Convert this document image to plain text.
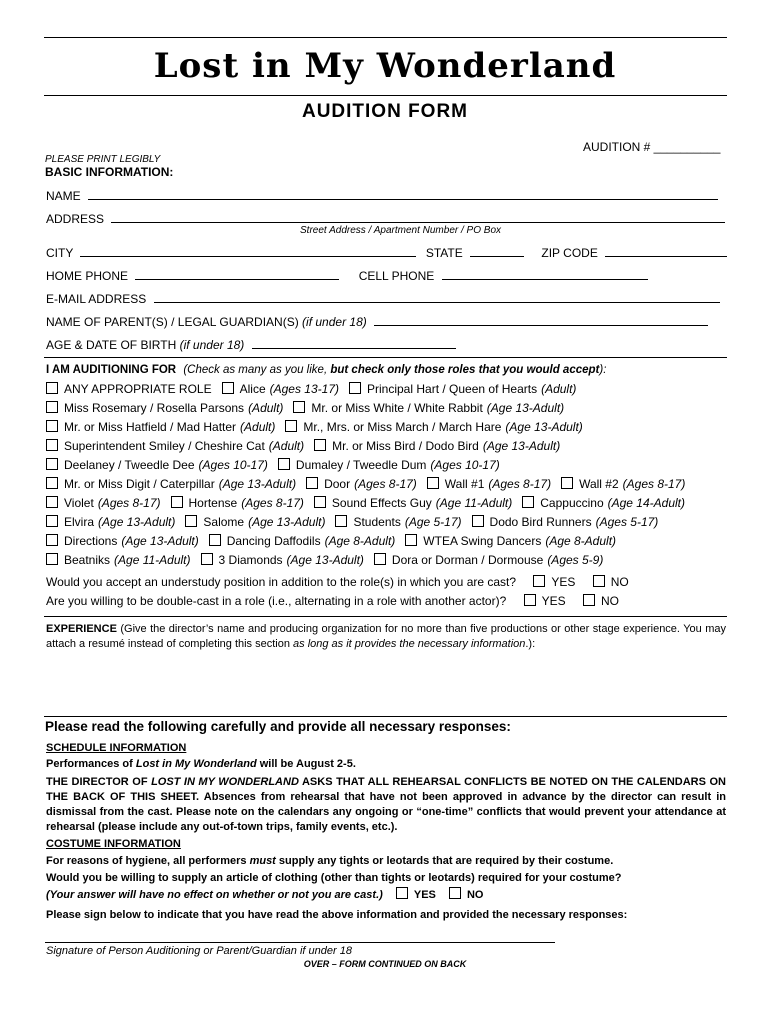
Lost in My Wonderland
AUDITION FORM
AUDITION # __________
PLEASE PRINT LEGIBLY
BASIC INFORMATION:
NAME
ADDRESS
Street Address / Apartment Number / PO Box
CITY	STATE	ZIP CODE
HOME PHONE	CELL PHONE
E-MAIL ADDRESS
NAME OF PARENT(S) / LEGAL GUARDIAN(S) (if under 18)
AGE & DATE OF BIRTH (if under 18)
I AM AUDITIONING FOR (Check as many as you like, but check only those roles that you would accept):
ANY APPROPRIATE ROLE Alice (Ages 13-17) Principal Hart / Queen of Hearts (Adult)
Miss Rosemary / Rosella Parsons (Adult) Mr. or Miss White / White Rabbit (Age 13-Adult)
Mr. or Miss Hatfield / Mad Hatter (Adult) Mr., Mrs. or Miss March / March Hare (Age 13-Adult)
Superintendent Smiley / Cheshire Cat (Adult) Mr. or Miss Bird / Dodo Bird (Age 13-Adult)
Deelaney / Tweedle Dee (Ages 10-17) Dumaley / Tweedle Dum (Ages 10-17)
Mr. or Miss Digit / Caterpillar (Age 13-Adult) Door (Ages 8-17) Wall #1 (Ages 8-17) Wall #2 (Ages 8-17)
Violet (Ages 8-17) Hortense (Ages 8-17) Sound Effects Guy (Age 11-Adult) Cappuccino (Age 14-Adult)
Elvira (Age 13-Adult) Salome (Age 13-Adult) Students (Age 5-17) Dodo Bird Runners (Ages 5-17)
Directions (Age 13-Adult) Dancing Daffodils (Age 8-Adult) WTEA Swing Dancers (Age 8-Adult)
Beatniks (Age 11-Adult) 3 Diamonds (Age 13-Adult) Dora or Dorman / Dormouse (Ages 5-9)
Would you accept an understudy position in addition to the role(s) in which you are cast?	YES	NO
Are you willing to be double-cast in a role (i.e., alternating in a role with another actor)?	YES	NO
EXPERIENCE (Give the director’s name and producing organization for no more than five productions or other stage experience. You may attach a resumé instead of completing this section as long as it provides the necessary information.):
Please read the following carefully and provide all necessary responses:
SCHEDULE INFORMATION
Performances of Lost in My Wonderland will be August 2-5.
THE DIRECTOR OF LOST IN MY WONDERLAND ASKS THAT ALL REHEARSAL CONFLICTS BE NOTED ON THE CALENDARS ON THE BACK OF THIS SHEET. Absences from rehearsal that have not been approved in advance by the director can result in dismissal from the cast. Please note on the calendars any ongoing or “one-time” conflicts that would prevent your attendance at rehearsal (please include any out-of-town trips, family events, etc.).
COSTUME INFORMATION
For reasons of hygiene, all performers must supply any tights or leotards that are required by their costume.
Would you be willing to supply an article of clothing (other than tights or leotards) required for your costume?
(Your answer will have no effect on whether or not you are cast.)	YES	NO
Please sign below to indicate that you have read the above information and provided the necessary responses:
Signature of Person Auditioning or Parent/Guardian if under 18
OVER – FORM CONTINUED ON BACK
